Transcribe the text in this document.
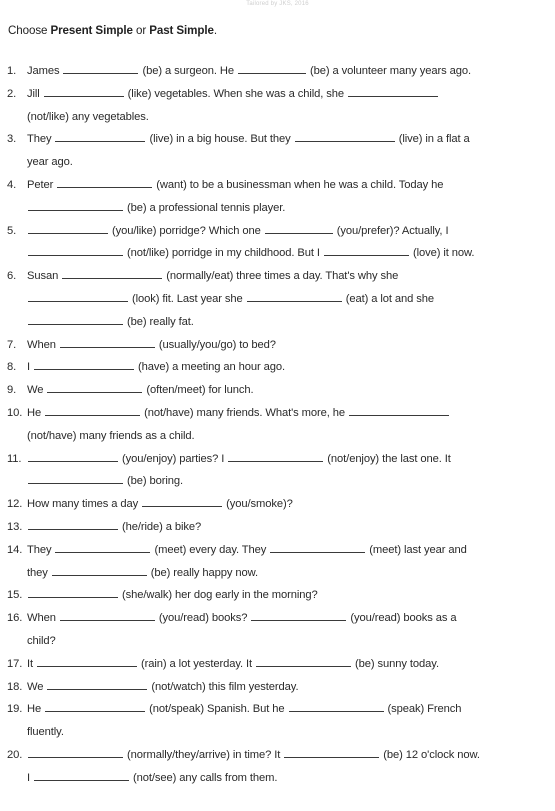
Tailored by JKS, 2016
Choose Present Simple or Past Simple.
1. James	(be) a surgeon. He	(be) a volunteer many years ago.
2. Jill	(like) vegetables. When she was a child, she
(not/like) any vegetables.
3. They	(live) in a big house. But they	(live) in a flat a
year ago.
4. Peter	(want) to be a businessman when he was a child. Today he
(be) a professional tennis player.
5.	(you/like) porridge? Which one	(you/prefer)? Actually, I
(not/like) porridge in my childhood. But I	(love) it now.
6. Susan	(normally/eat) three times a day. That's why she
(look) fit. Last year she	(eat) a lot and she
(be) really fat.
7. When	(usually/you/go) to bed?
8. I	(have) a meeting an hour ago.
9. We	(often/meet) for lunch.
10. He	(not/have) many friends. What's more, he
(not/have) many friends as a child.
11.	(you/enjoy) parties? I	(not/enjoy) the last one. It
(be) boring.
12. How many times a day	(you/smoke)?
13.	(he/ride) a bike?
14. They	(meet) every day. They	(meet) last year and
they	(be) really happy now.
15.	(she/walk) her dog early in the morning?
16. When	(you/read) books?	(you/read) books as a
child?
17. It	(rain) a lot yesterday. It	(be) sunny today.
18. We	(not/watch) this film yesterday.
19. He	(not/speak) Spanish. But he	(speak) French
fluently.
20.	(normally/they/arrive) in time? It	(be) 12 o'clock now.
I	(not/see) any calls from them.
